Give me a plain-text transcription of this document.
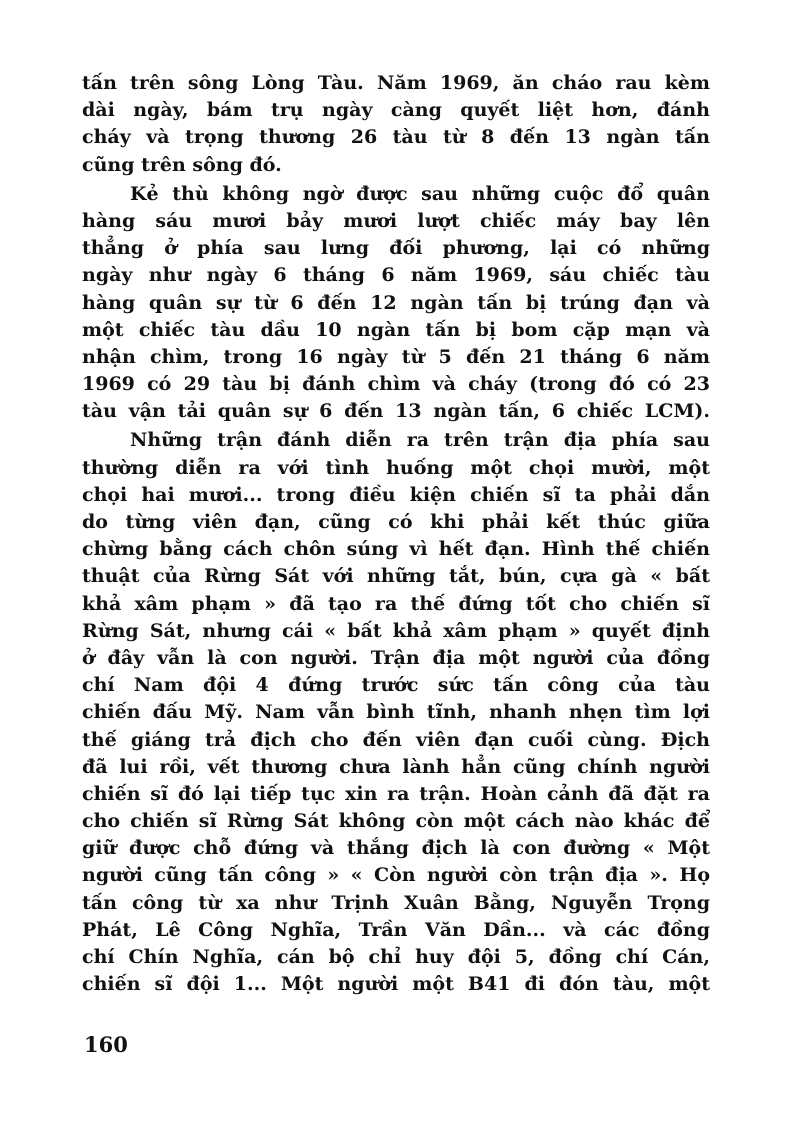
tấn trên sông Lòng Tàu. Năm 1969, ăn cháo rau kèm
dài ngày, bám trụ ngày càng quyết liệt hơn, đánh
cháy và trọng thương 26 tàu từ 8 đến 13 ngàn tấn
cũng trên sông đó.
Kẻ thù không ngờ được sau những cuộc đổ quân
hàng sáu mươi bảy mươi lượt chiếc máy bay lên
thẳng ở phía sau lưng đối phương, lại có những
ngày như ngày 6 tháng 6 năm 1969, sáu chiếc tàu
hàng quân sự từ 6 đến 12 ngàn tấn bị trúng đạn và
một chiếc tàu dầu 10 ngàn tấn bị bom cặp mạn và
nhận chìm, trong 16 ngày từ 5 đến 21 tháng 6 năm
1969 có 29 tàu bị đánh chìm và cháy (trong đó có 23
tàu vận tải quân sự 6 đến 13 ngàn tấn, 6 chiếc LCM).
Những trận đánh diễn ra trên trận địa phía sau
thường diễn ra với tình huống một chọi mười, một
chọi hai mươi... trong điều kiện chiến sĩ ta phải dắn
do từng viên đạn, cũng có khi phải kết thúc giữa
chừng bằng cách chôn súng vì hết đạn. Hình thế chiến
thuật của Rừng Sát với những tắt, bún, cựa gà « bất
khả xâm phạm » đã tạo ra thế đứng tốt cho chiến sĩ
Rừng Sát, nhưng cái « bất khả xâm phạm » quyết định
ở đây vẫn là con người. Trận địa một người của đồng
chí Nam đội 4 đứng trước sức tấn công của tàu
chiến đấu Mỹ. Nam vẫn bình tĩnh, nhanh nhẹn tìm lợi
thế giáng trả địch cho đến viên đạn cuối cùng. Địch
đã lui rồi, vết thương chưa lành hẳn cũng chính người
chiến sĩ đó lại tiếp tục xin ra trận. Hoàn cảnh đã đặt ra
cho chiến sĩ Rừng Sát không còn một cách nào khác để
giữ được chỗ đứng và thắng địch là con đường « Một
người cũng tấn công » « Còn người còn trận địa ». Họ
tấn công từ xa như Trịnh Xuân Bằng, Nguyễn Trọng
Phát, Lê Công Nghĩa, Trần Văn Dần... và các đồng
chí Chín Nghĩa, cán bộ chỉ huy đội 5, đồng chí Cán,
chiến sĩ đội 1... Một người một B41 đi đón tàu, một
160
